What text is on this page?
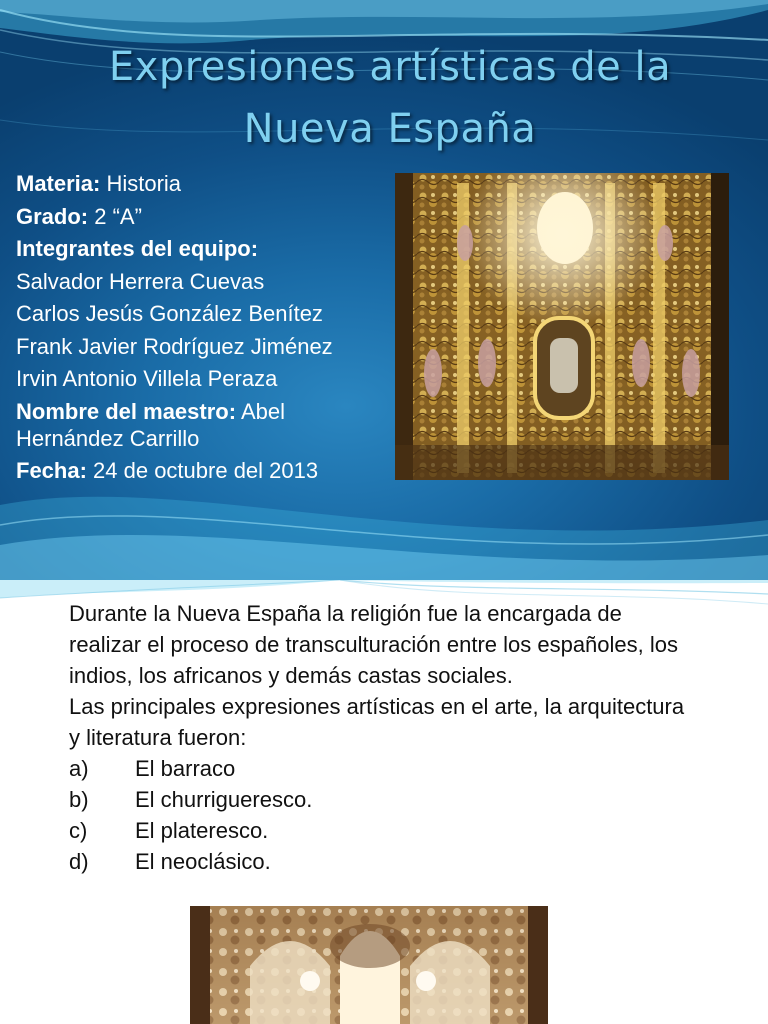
Expresiones artísticas de la
Nueva España
Materia: Historia
Grado: 2 “A”
Integrantes del equipo:
Salvador Herrera Cuevas
Carlos Jesús González Benítez
Frank Javier Rodríguez Jiménez
Irvin Antonio Villela Peraza
Nombre del maestro: Abel Hernández Carrillo
Fecha: 24 de octubre del 2013

Durante la Nueva España la religión fue la encargada de realizar el proceso de transculturación entre los españoles, los indios, los africanos y demás castas sociales.

Las principales expresiones artísticas en el arte, la arquitectura y literatura fueron:

a)	El barraco
b)	El churrigueresco.
c)	El plateresco.
d)	El neoclásico.
